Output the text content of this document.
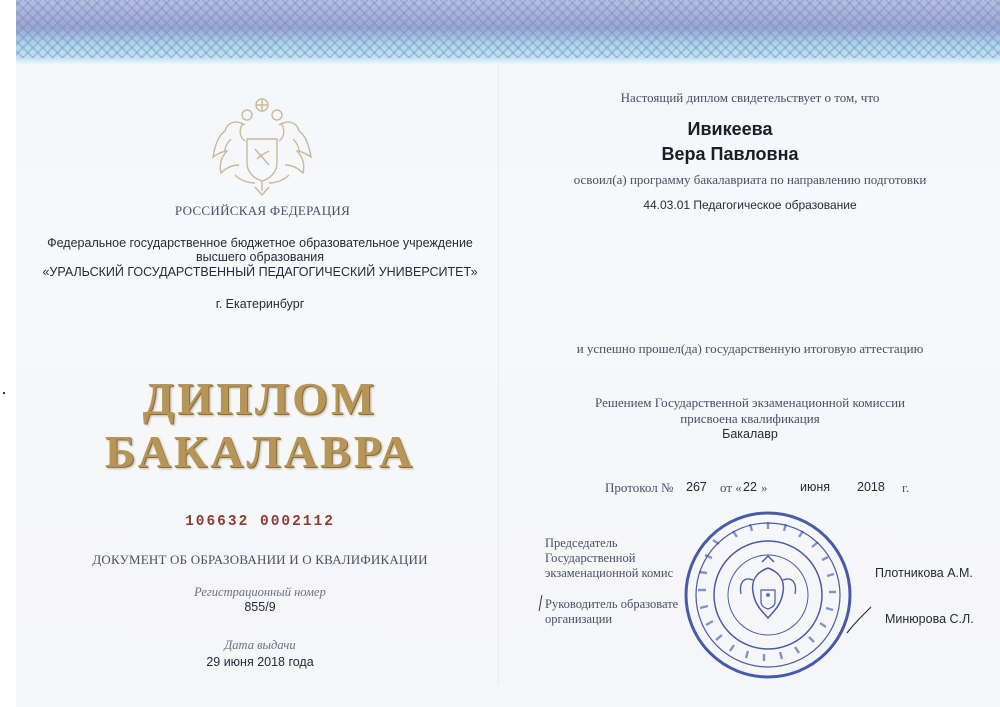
РОССИЙСКАЯ ФЕДЕРАЦИЯ
Федеральное государственное бюджетное образовательное учреждение
высшего образования
«УРАЛЬСКИЙ ГОСУДАРСТВЕННЫЙ ПЕДАГОГИЧЕСКИЙ УНИВЕРСИТЕТ»
г. Екатеринбург
ДИПЛОМ
БАКАЛАВРА
106632 0002112
ДОКУМЕНТ ОБ ОБРАЗОВАНИИ И О КВАЛИФИКАЦИИ
Регистрационный номер
855/9
Дата выдачи
29 июня 2018 года
Настоящий диплом свидетельствует о том, что
Ивикеева
Вера Павловна
освоил(а) программу бакалавриата по направлению подготовки
44.03.01 Педагогическое образование
и успешно прошел(да) государственную итоговую аттестацию
Решением Государственной экзаменационной комиссии
присвоена квалификация
Бакалавр
Протокол № 267 от « 22 »	июня 2018 г.
Председатель
Государственной
экзаменационной комис
Руководитель образовате
организации
Плотникова А.М.
Минюрова С.Л.
